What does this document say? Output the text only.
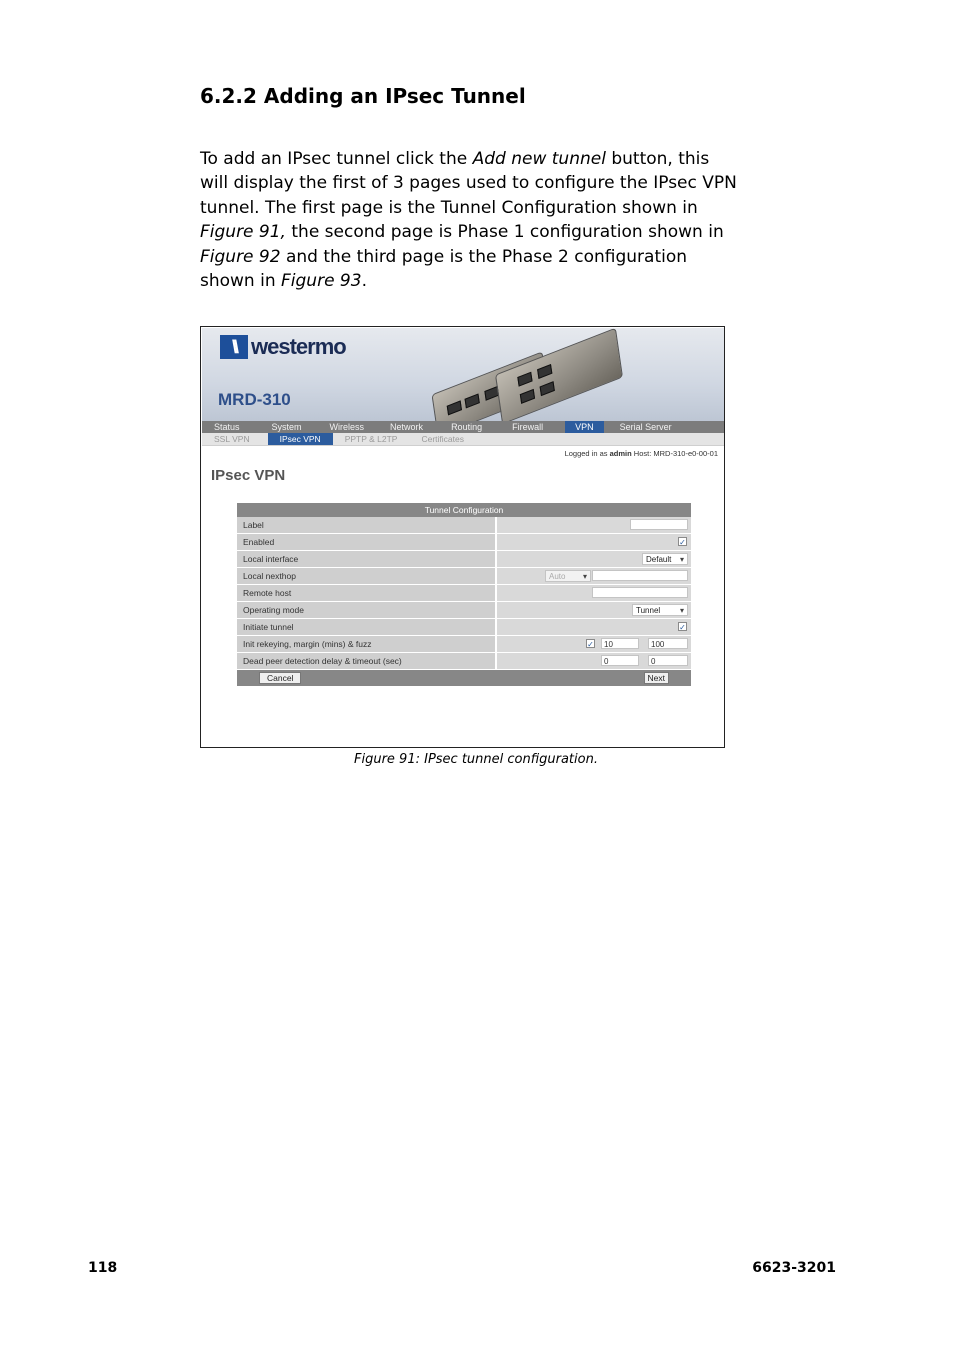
6.2.2 Adding an IPsec Tunnel
To add an IPsec tunnel click the Add new tunnel button, this will display the first of 3 pages used to configure the IPsec VPN tunnel. The first page is the Tunnel Configuration shown in Figure 91, the second page is Phase 1 configuration shown in Figure 92 and the third page is the Phase 2 configuration shown in Figure 93.
\\ westermo
MRD-310
Status	System	Wireless	Network	Routing	Firewall	VPN	Serial Server
SSL VPN	IPsec VPN	PPTP & L2TP	Certificates
Logged in as admin Host: MRD-310-e0-00-01
IPsec VPN
Tunnel Configuration
Label
Enabled	✓
Local interface	Default ▾
Local nexthop	Auto ▾
Remote host
Operating mode	Tunnel ▾
Initiate tunnel	✓
Init rekeying, margin (mins) & fuzz	✓	10	100
Dead peer detection delay & timeout (sec)	0	0
Cancel	Next
Figure 91: IPsec tunnel configuration.
118	6623-3201
